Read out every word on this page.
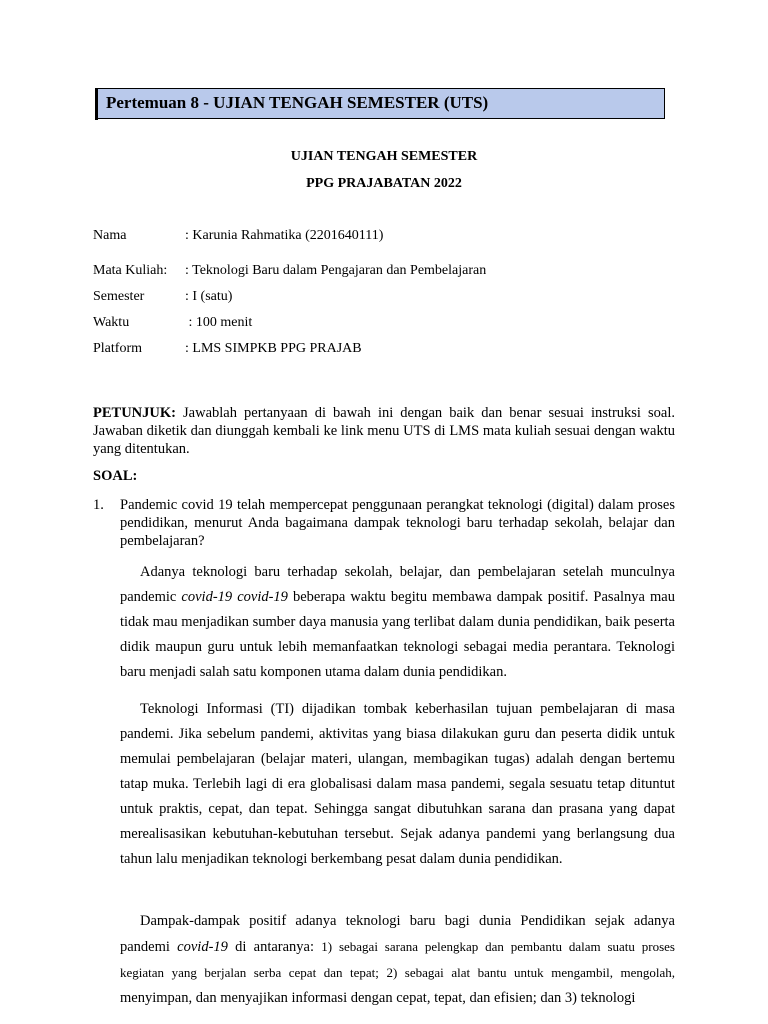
Pertemuan 8 - UJIAN TENGAH SEMESTER (UTS)
UJIAN TENGAH SEMESTER
PPG PRAJABATAN 2022
Nama	: Karunia Rahmatika (2201640111)
Mata Kuliah: : Teknologi Baru dalam Pengajaran dan Pembelajaran
Semester	: I (satu)
Waktu	: 100 menit
Platform	: LMS SIMPKB PPG PRAJAB
PETUNJUK: Jawablah pertanyaan di bawah ini dengan baik dan benar sesuai instruksi soal. Jawaban diketik dan diunggah kembali ke link menu UTS di LMS mata kuliah sesuai dengan waktu yang ditentukan.
SOAL:
1. Pandemic covid 19 telah mempercepat penggunaan perangkat teknologi (digital) dalam proses pendidikan, menurut Anda bagaimana dampak teknologi baru terhadap sekolah, belajar dan pembelajaran?
Adanya teknologi baru terhadap sekolah, belajar, dan pembelajaran setelah munculnya pandemic covid-19 covid-19 beberapa waktu begitu membawa dampak positif. Pasalnya mau tidak mau menjadikan sumber daya manusia yang terlibat dalam dunia pendidikan, baik peserta didik maupun guru untuk lebih memanfaatkan teknologi sebagai media perantara. Teknologi baru menjadi salah satu komponen utama dalam dunia pendidikan.
Teknologi Informasi (TI) dijadikan tombak keberhasilan tujuan pembelajaran di masa pandemi. Jika sebelum pandemi, aktivitas yang biasa dilakukan guru dan peserta didik untuk memulai pembelajaran (belajar materi, ulangan, membagikan tugas) adalah dengan bertemu tatap muka. Terlebih lagi di era globalisasi dalam masa pandemi, segala sesuatu tetap dituntut untuk praktis, cepat, dan tepat. Sehingga sangat dibutuhkan sarana dan prasana yang dapat merealisasikan kebutuhan-kebutuhan tersebut. Sejak adanya pandemi yang berlangsung dua tahun lalu menjadikan teknologi berkembang pesat dalam dunia pendidikan.
Dampak-dampak positif adanya teknologi baru bagi dunia Pendidikan sejak adanya pandemi covid-19 di antaranya: 1) sebagai sarana pelengkap dan pembantu dalam suatu proses kegiatan yang berjalan serba cepat dan tepat; 2) sebagai alat bantu untuk mengambil, mengolah, menyimpan, dan menyajikan informasi dengan cepat, tepat, dan efisien; dan 3) teknologi
